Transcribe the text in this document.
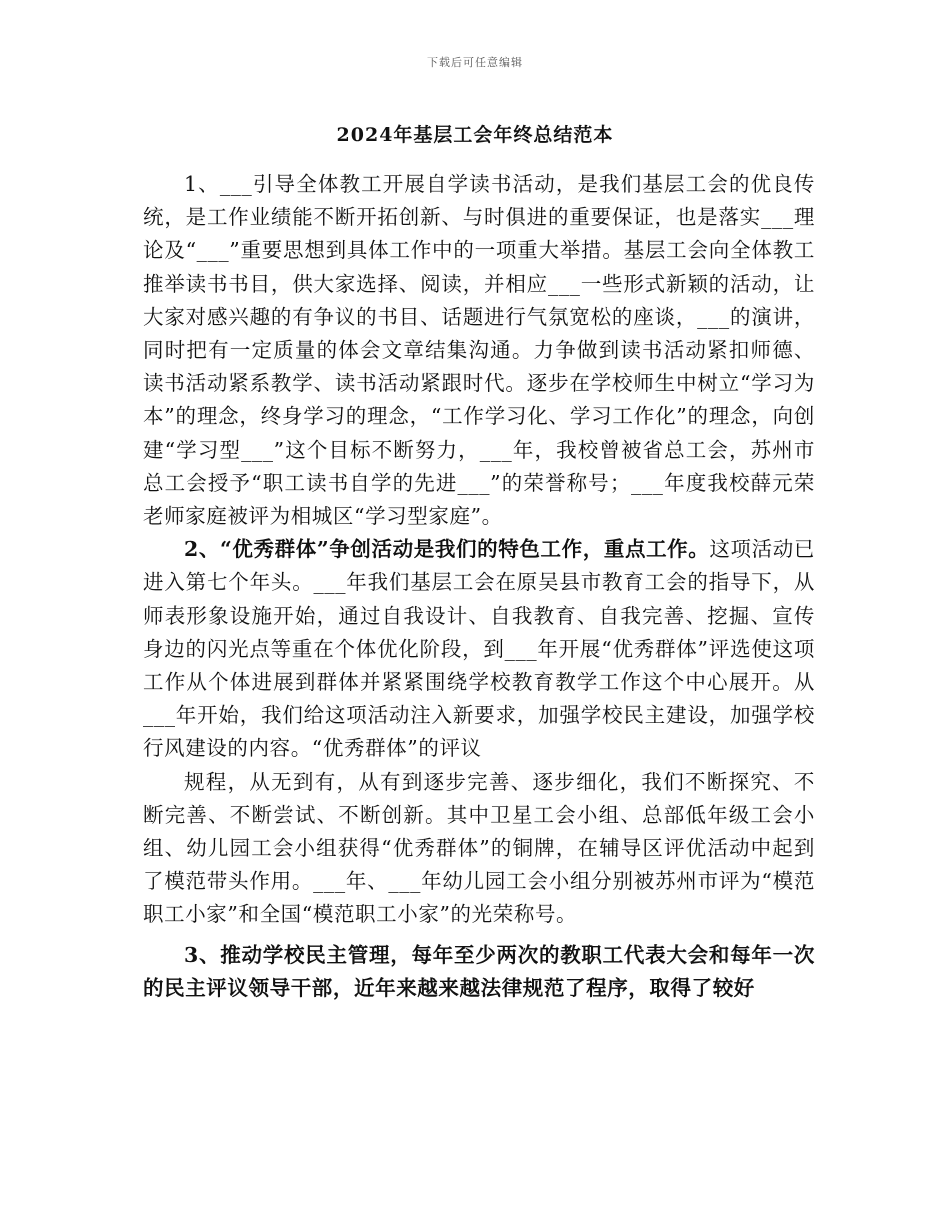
下载后可任意编辑
2024年基层工会年终总结范本

1、___引导全体教工开展自学读书活动，是我们基层工会的优良传统，是工作业绩能不断开拓创新、与时俱进的重要保证，也是落实___理论及“___”重要思想到具体工作中的一项重大举措。基层工会向全体教工推举读书书目，供大家选择、阅读，并相应___一些形式新颖的活动，让大家对感兴趣的有争议的书目、话题进行气氛宽松的座谈，___的演讲，同时把有一定质量的体会文章结集沟通。力争做到读书活动紧扣师德、读书活动紧系教学、读书活动紧跟时代。逐步在学校师生中树立“学习为本”的理念，终身学习的理念，“工作学习化、学习工作化”的理念，向创建“学习型___”这个目标不断努力，___年，我校曾被省总工会，苏州市总工会授予“职工读书自学的先进___”的荣誉称号；___年度我校薛元荣老师家庭被评为相城区“学习型家庭”。

2、“优秀群体”争创活动是我们的特色工作，重点工作。这项活动已进入第七个年头。___年我们基层工会在原吴县市教育工会的指导下，从师表形象设施开始，通过自我设计、自我教育、自我完善、挖掘、宣传身边的闪光点等重在个体优化阶段，到___年开展“优秀群体”评选使这项工作从个体进展到群体并紧紧围绕学校教育教学工作这个中心展开。从___年开始，我们给这项活动注入新要求，加强学校民主建设，加强学校行风建设的内容。“优秀群体”的评议

规程，从无到有，从有到逐步完善、逐步细化，我们不断探究、不断完善、不断尝试、不断创新。其中卫星工会小组、总部低年级工会小组、幼儿园工会小组获得“优秀群体”的铜牌，在辅导区评优活动中起到了模范带头作用。___年、___年幼儿园工会小组分别被苏州市评为“模范职工小家”和全国“模范职工小家”的光荣称号。

3、推动学校民主管理，每年至少两次的教职工代表大会和每年一次的民主评议领导干部，近年来越来越法律规范了程序，取得了较好
